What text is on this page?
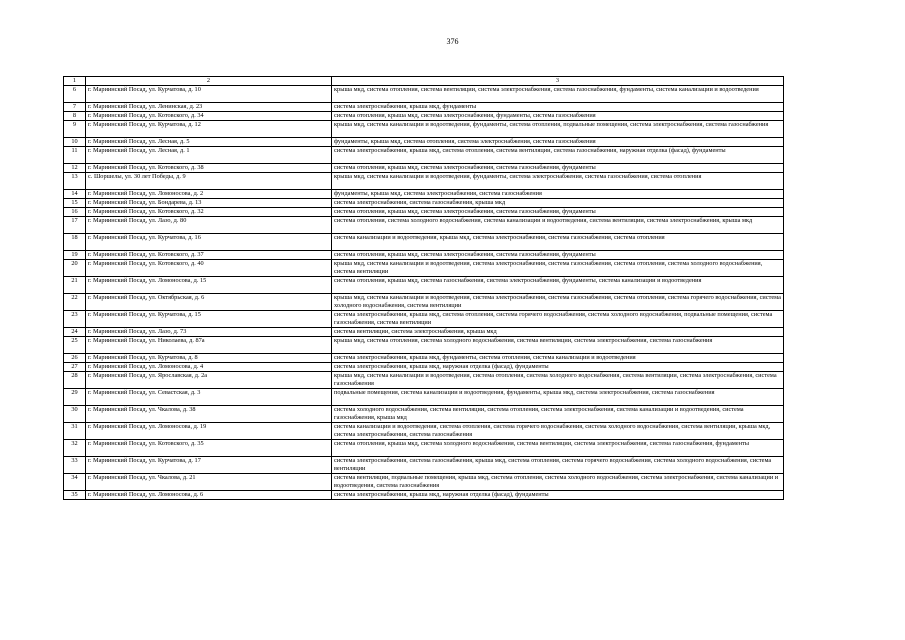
376
1	2	3
6	г. Мариинский Посад, ул. Курчатова, д. 10	крыша мкд, система отопления, система вентиляции, система электроснабжения, система газоснабжения, фундаменты, система канализации и водоотведения
7	г. Мариинский Посад, ул. Ленинская, д. 23	система электроснабжения, крыша мкд, фундаменты
8	г. Мариинский Посад, ул. Котовского, д. 34	система отопления, крыша мкд, система электроснабжения, фундаменты, система газоснабжения
9	г. Мариинский Посад, ул. Курчатова, д. 12	крыша мкд, система канализации и водоотведения, фундаменты, система отопления, подвальные помещения, система электроснабжения, система газоснабжения
10	г. Мариинский Посад, ул. Лесная, д. 5	фундаменты, крыша мкд, система отопления, система электроснабжения, система газоснабжения
11	г. Мариинский Посад, ул. Лесная, д. 1	система электроснабжения, крыша мкд, система отопления, система вентиляции, система газоснабжения, наружная отделка (фасад), фундаменты
12	г. Мариинский Посад, ул. Котовского, д. 38	система отопления, крыша мкд, система электроснабжения, система газоснабжения, фундаменты
13	с. Шоршелы, ул. 30 лет Победы, д. 9	крыша мкд, система канализации и водоотведения, фундаменты, система электроснабжения, система газоснабжения, система отопления
14	г. Мариинский Посад, ул. Ломоносова, д. 2	фундаменты, крыша мкд, система электроснабжения, система газоснабжения
15	г. Мариинский Посад, ул. Бондарева, д. 13	система электроснабжения, система газоснабжения, крыша мкд
16	г. Мариинский Посад, ул. Котовского, д. 32	система отопления, крыша мкд, система электроснабжения, система газоснабжения, фундаменты
17	г. Мариинский Посад, ул. Лазо, д. 80	система отопления, система холодного водоснабжения, система канализации и водоотведения, система вентиляции, система электроснабжения, крыша мкд
18	г. Мариинский Посад, ул. Курчатова, д. 16	система канализации и водоотведения, крыша мкд, система электроснабжения, система газоснабжения, система отопления
19	г. Мариинский Посад, ул. Котовского, д. 37	система отопления, крыша мкд, система электроснабжения, система газоснабжения, фундаменты
20	г. Мариинский Посад, ул. Котовского, д. 40	крыша мкд, система канализации и водоотведения, система электроснабжения, система газоснабжения, система отопления, система холодного водоснабжения, система вентиляции
21	г. Мариинский Посад, ул. Ломоносова, д. 15	система отопления, крыша мкд, система газоснабжения, система электроснабжения, фундаменты, система канализации и водоотведения
22	г. Мариинский Посад, ул. Октябрьская, д. 6	крыша мкд, система канализации и водоотведения, система электроснабжения, система газоснабжения, система отопления, система горячего водоснабжения, система холодного водоснабжения, система вентиляции
23	г. Мариинский Посад, ул. Курчатова, д. 15	система электроснабжения, крыша мкд, система отопления, система горячего водоснабжения, система холодного водоснабжения, подвальные помещения, система газоснабжения, система вентиляции
24	г. Мариинский Посад, ул. Лазо, д. 73	система вентиляции, система электроснабжения, крыша мкд
25	г. Мариинский Посад, ул. Николаева, д. 87а	крыша мкд, система отопления, система холодного водоснабжения, система вентиляции, система электроснабжения, система газоснабжения
26	г. Мариинский Посад, ул. Курчатова, д. 8	система электроснабжения, крыша мкд, фундаменты, система отопления, система канализации и водоотведения
27	г. Мариинский Посад, ул. Ломоносова, д. 4	система электроснабжения, крыша мкд, наружная отделка (фасад), фундаменты
28	г. Мариинский Посад, ул. Ярославская, д. 2а	крыша мкд, система канализации и водоотведения, система отопления, система холодного водоснабжения, система вентиляции, система электроснабжения, система газоснабжения
29	г. Мариинский Посад, ул. Севастская, д. 3	подвальные помещения, система канализации и водоотведения, фундаменты, крыша мкд, система электроснабжения, система газоснабжения
30	г. Мариинский Посад, ул. Чкалова, д. 38	система холодного водоснабжения, система вентиляции, система отопления, система электроснабжения, система канализации и водоотведения, система газоснабжения, крыша мкд
31	г. Мариинский Посад, ул. Ломоносова, д. 19	система канализации и водоотведения, система отопления, система горячего водоснабжения, система холодного водоснабжения, система вентиляции, крыша мкд, система электроснабжения, система газоснабжения
32	г. Мариинский Посад, ул. Котовского, д. 35	система отопления, крыша мкд, система холодного водоснабжения, система вентиляции, система электроснабжения, система газоснабжения, фундаменты
33	г. Мариинский Посад, ул. Курчатова, д. 17	система электроснабжения, система газоснабжения, крыша мкд, система отопления, система горячего водоснабжения, система холодного водоснабжения, система вентиляции
34	г. Мариинский Посад, ул. Чкалова, д. 21	система вентиляции, подвальные помещения, крыша мкд, система отопления, система холодного водоснабжения, система электроснабжения, система канализации и водоотведения, система газоснабжения
35	г. Мариинский Посад, ул. Ломоносова, д. 6	система электроснабжения, крыша мкд, наружная отделка (фасад), фундаменты
